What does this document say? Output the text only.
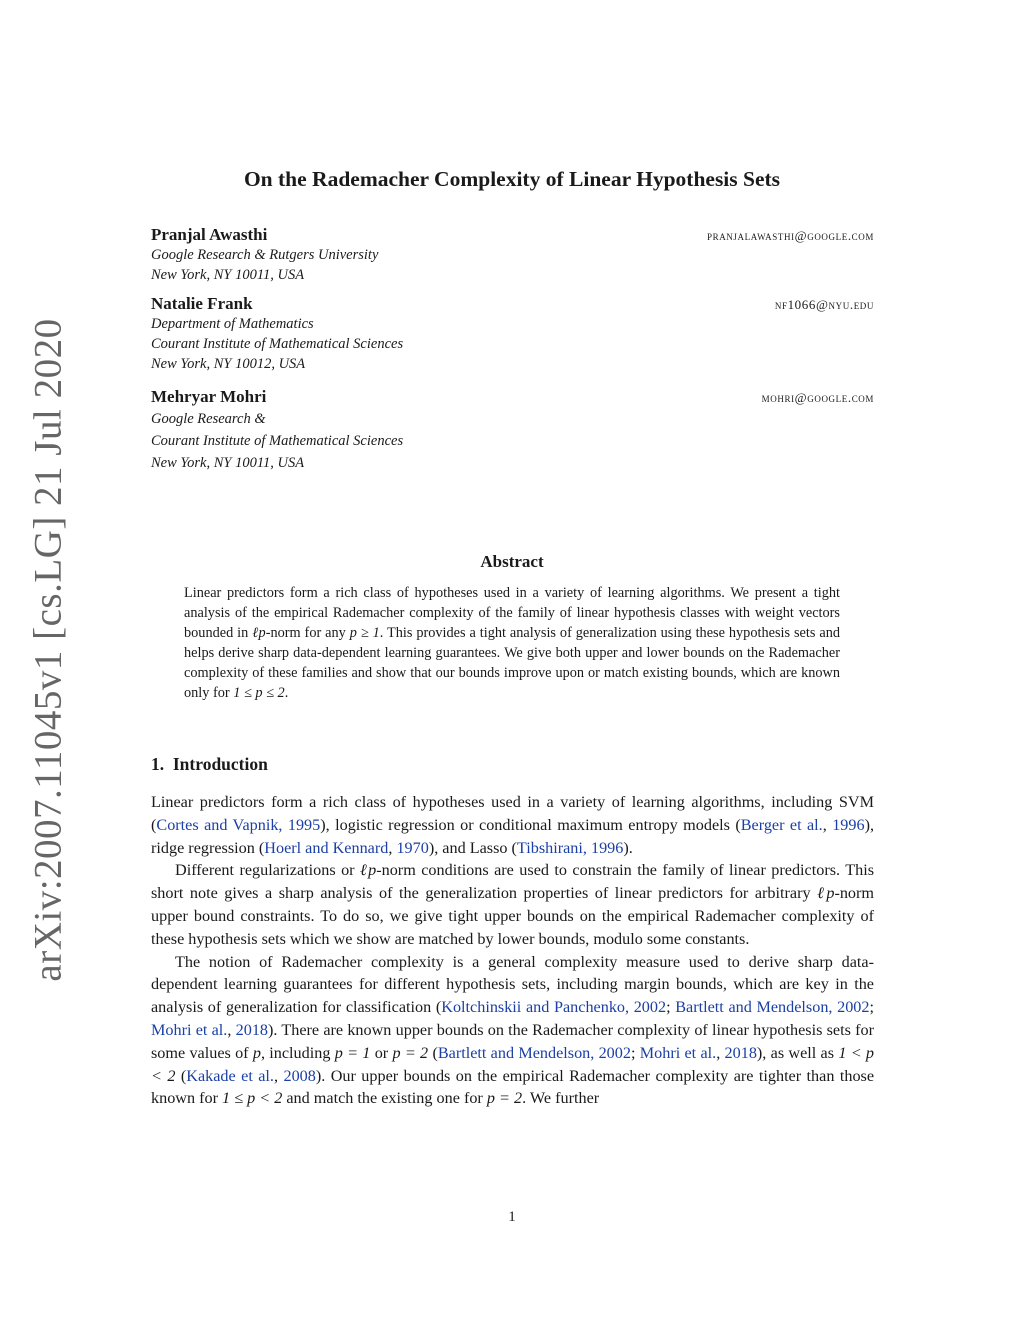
arXiv:2007.11045v1 [cs.LG] 21 Jul 2020
On the Rademacher Complexity of Linear Hypothesis Sets
Pranjal Awasthi	pranjalawasthi@google.com
Google Research & Rutgers University
New York, NY 10011, USA
Natalie Frank	nf1066@nyu.edu
Department of Mathematics
Courant Institute of Mathematical Sciences
New York, NY 10012, USA
Mehryar Mohri	mohri@google.com
Google Research &
Courant Institute of Mathematical Sciences
New York, NY 10011, USA
Abstract
Linear predictors form a rich class of hypotheses used in a variety of learning algorithms. We present a tight analysis of the empirical Rademacher complexity of the family of linear hypothesis classes with weight vectors bounded in ℓp-norm for any p ≥ 1. This provides a tight analysis of generalization using these hypothesis sets and helps derive sharp data-dependent learning guarantees. We give both upper and lower bounds on the Rademacher complexity of these families and show that our bounds improve upon or match existing bounds, which are known only for 1 ≤ p ≤ 2.
1. Introduction

Linear predictors form a rich class of hypotheses used in a variety of learning algorithms, including SVM (Cortes and Vapnik, 1995), logistic regression or conditional maximum entropy models (Berger et al., 1996), ridge regression (Hoerl and Kennard, 1970), and Lasso (Tibshirani, 1996).

Different regularizations or ℓp-norm conditions are used to constrain the family of linear predictors. This short note gives a sharp analysis of the generalization properties of linear predictors for arbitrary ℓp-norm upper bound constraints. To do so, we give tight upper bounds on the empirical Rademacher complexity of these hypothesis sets which we show are matched by lower bounds, modulo some constants.

The notion of Rademacher complexity is a general complexity measure used to derive sharp data-dependent learning guarantees for different hypothesis sets, including margin bounds, which are key in the analysis of generalization for classification (Koltchinskii and Panchenko, 2002; Bartlett and Mendelson, 2002; Mohri et al., 2018). There are known upper bounds on the Rademacher complexity of linear hypothesis sets for some values of p, including p = 1 or p = 2 (Bartlett and Mendelson, 2002; Mohri et al., 2018), as well as 1 < p < 2 (Kakade et al., 2008). Our upper bounds on the empirical Rademacher complexity are tighter than those known for 1 ≤ p < 2 and match the existing one for p = 2. We further

1
